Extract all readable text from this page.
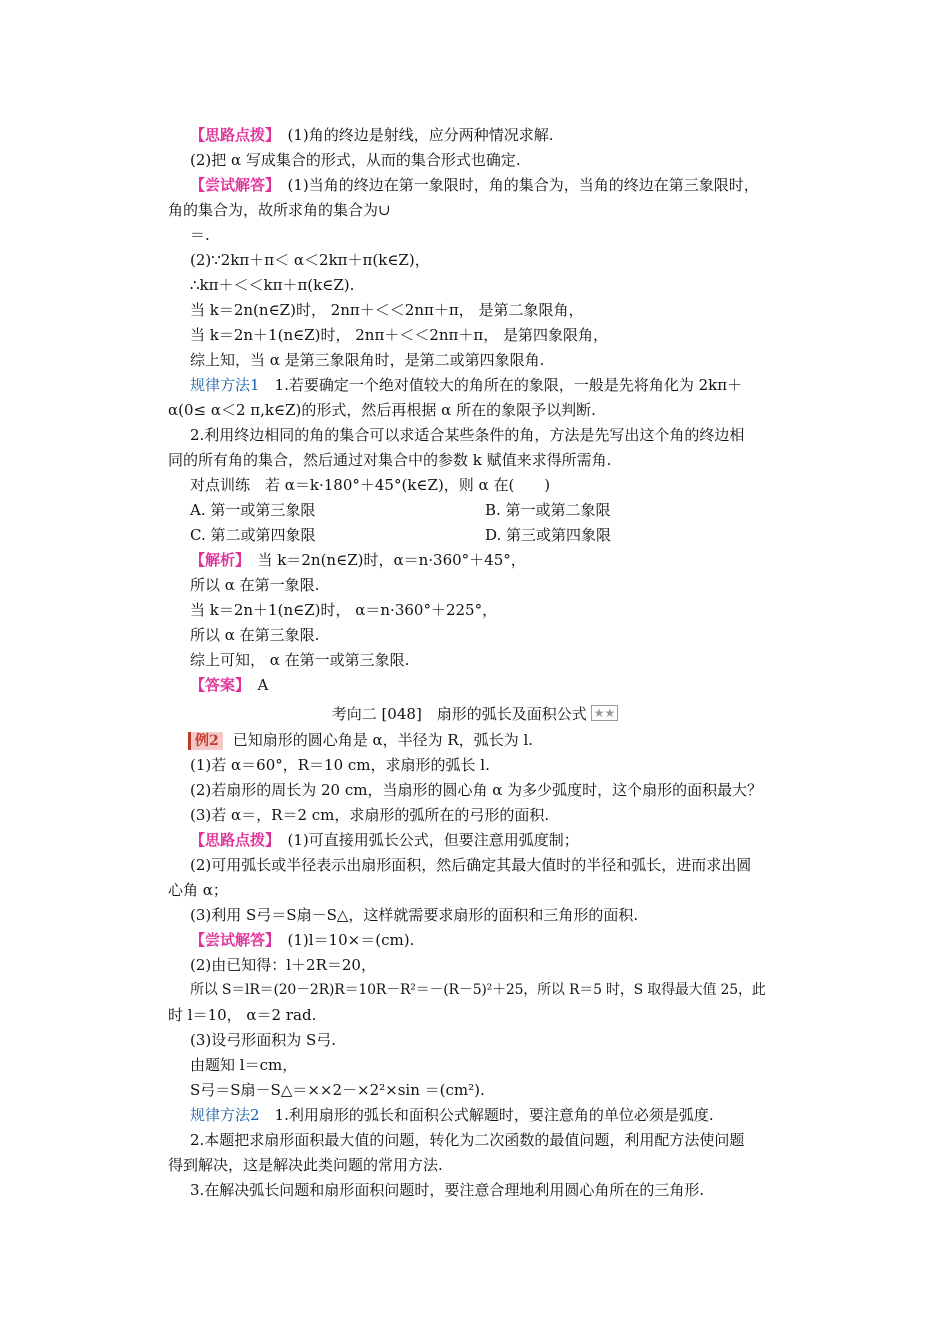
【思路点拨】　(1)角的终边是射线，应分两种情况求解.
(2)把 α 写成集合的形式，从而的集合形式也确定.
【尝试解答】　(1)当角的终边在第一象限时，角的集合为，当角的终边在第三象限时，
角的集合为，故所求角的集合为∪
＝.
(2)∵2kπ＋π＜ α＜2kπ＋π(k∈Z)，
∴kπ＋＜＜kπ＋π(k∈Z).
当 k＝2n(n∈Z)时， 2nπ＋＜＜2nπ＋π， 是第二象限角，
当 k＝2n＋1(n∈Z)时， 2nπ＋＜＜2nπ＋π， 是第四象限角，
综上知，当 α 是第三象限角时，是第二或第四象限角.
规律方法1　1.若要确定一个绝对值较大的角所在的象限，一般是先将角化为 2kπ＋
α(0≤ α＜2 π,k∈Z)的形式，然后再根据 α 所在的象限予以判断.
2.利用终边相同的角的集合可以求适合某些条件的角，方法是先写出这个角的终边相
同的所有角的集合，然后通过对集合中的参数 k 赋值来求得所需角.
对点训练　若 α＝k·180°＋45°(k∈Z)，则 α 在(　　)
A. 第一或第三象限	B. 第一或第二象限
C. 第二或第四象限	D. 第三或第四象限
【解析】　当 k＝2n(n∈Z)时，α＝n·360°＋45°，
所以 α 在第一象限.
当 k＝2n＋1(n∈Z)时， α＝n·360°＋225°，
所以 α 在第三象限.
综上可知， α 在第一或第三象限.
【答案】　A
考向二 [048]　扇形的弧长及面积公式 ★★
例2 已知扇形的圆心角是 α，半径为 R，弧长为 l.
(1)若 α＝60°，R＝10 cm，求扇形的弧长 l.
(2)若扇形的周长为 20 cm，当扇形的圆心角 α 为多少弧度时，这个扇形的面积最大？
(3)若 α＝，R＝2 cm，求扇形的弧所在的弓形的面积.
【思路点拨】　(1)可直接用弧长公式，但要注意用弧度制；
(2)可用弧长或半径表示出扇形面积，然后确定其最大值时的半径和弧长，进而求出圆
心角 α；
(3)利用 S弓＝S扇－S△，这样就需要求扇形的面积和三角形的面积.
【尝试解答】　(1)l＝10×＝(cm).
(2)由已知得：l＋2R＝20，
所以 S＝lR＝(20－2R)R＝10R－R²＝－(R－5)²＋25，所以 R＝5 时，S 取得最大值 25，此
时 l＝10， α＝2 rad.
(3)设弓形面积为 S弓.
由题知 l＝cm，
S弓＝S扇－S△＝××2－×2²×sin ＝(cm²).
规律方法2　1.利用扇形的弧长和面积公式解题时，要注意角的单位必须是弧度.
2.本题把求扇形面积最大值的问题，转化为二次函数的最值问题，利用配方法使问题
得到解决，这是解决此类问题的常用方法.
3.在解决弧长问题和扇形面积问题时，要注意合理地利用圆心角所在的三角形.
